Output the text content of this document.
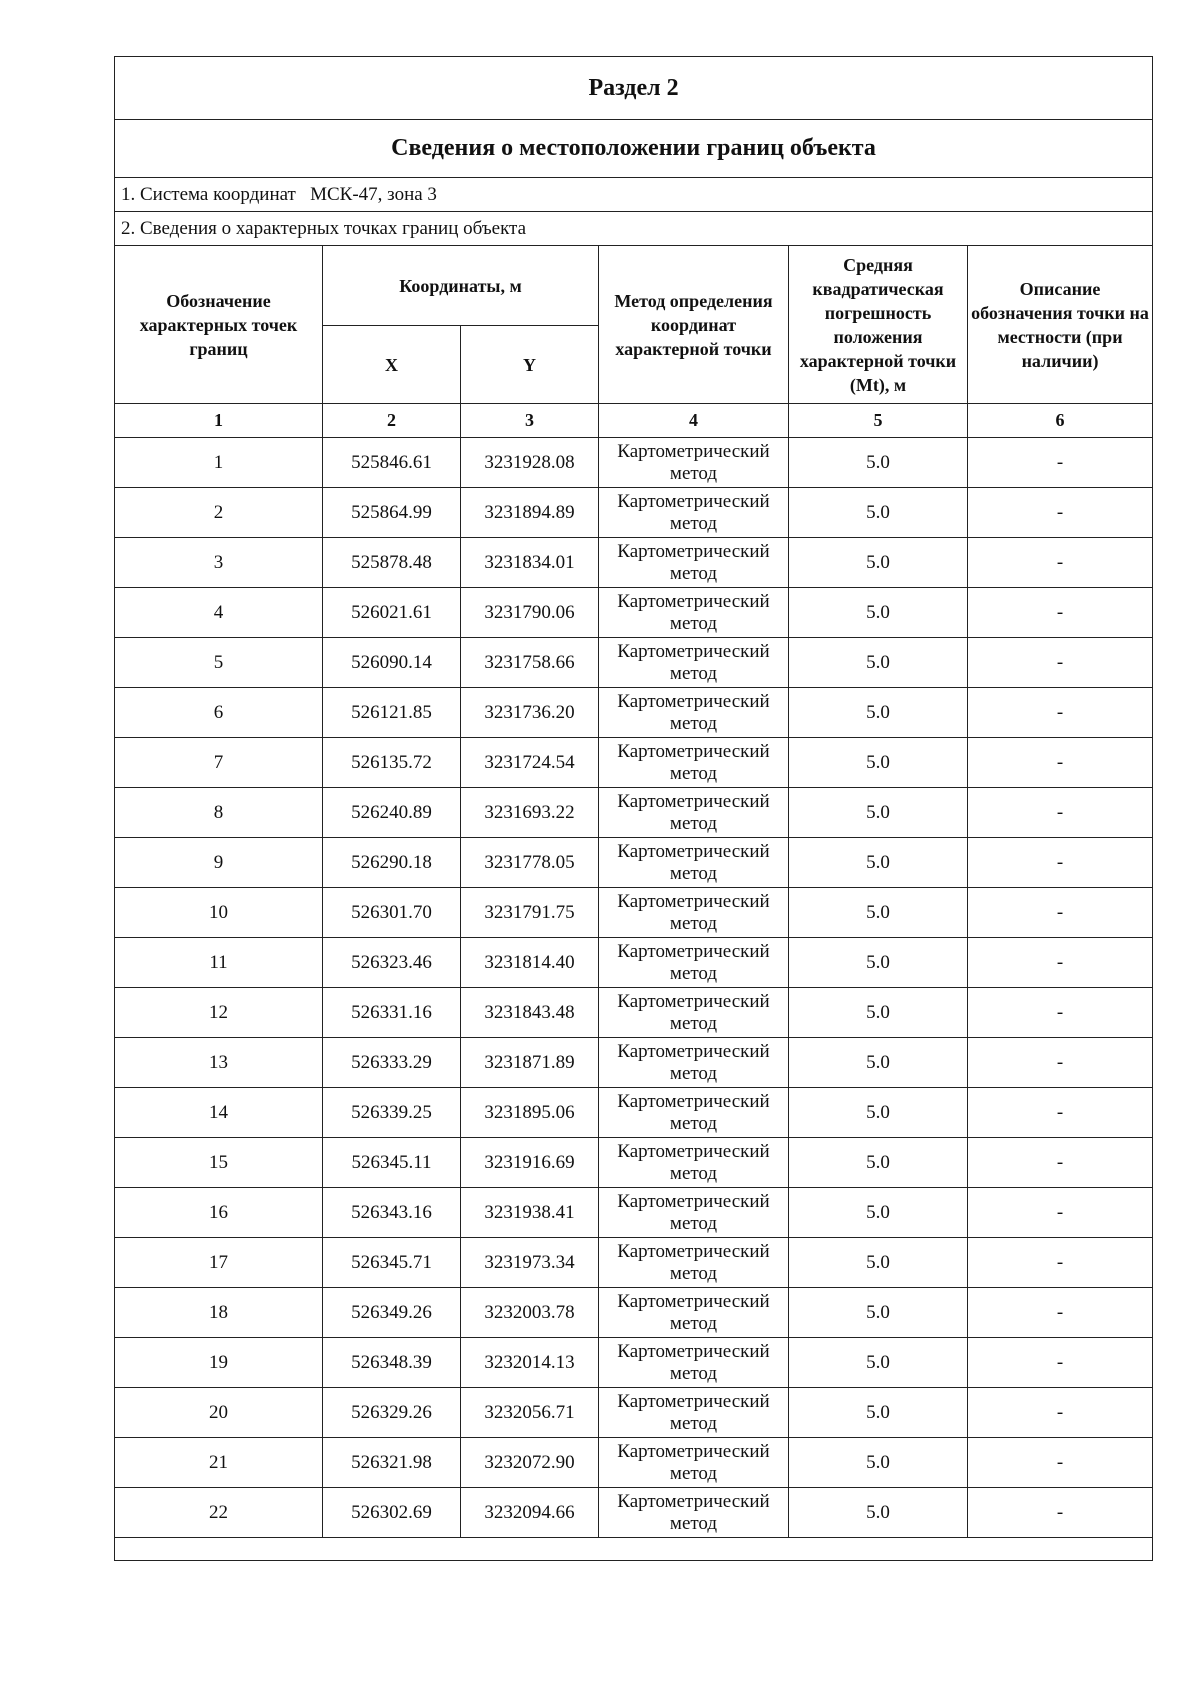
Раздел 2					
Сведения о местоположении границ объекта					
1. Система координат МСК-47, зона 3					
2. Сведения о характерных точках границ объекта					
Обозначение характерных точек границ	Координаты, м		Метод определения координат характерной точки	Средняя квадратическая погрешность положения характерной точки (Mt), м	Описание обозначения точки на местности (при наличии)
	X	Y			
1	2	3	4	5	6
1	525846.61	3231928.08	Картометрический метод	5.0	-
2	525864.99	3231894.89	Картометрический метод	5.0	-
3	525878.48	3231834.01	Картометрический метод	5.0	-
4	526021.61	3231790.06	Картометрический метод	5.0	-
5	526090.14	3231758.66	Картометрический метод	5.0	-
6	526121.85	3231736.20	Картометрический метод	5.0	-
7	526135.72	3231724.54	Картометрический метод	5.0	-
8	526240.89	3231693.22	Картометрический метод	5.0	-
9	526290.18	3231778.05	Картометрический метод	5.0	-
10	526301.70	3231791.75	Картометрический метод	5.0	-
11	526323.46	3231814.40	Картометрический метод	5.0	-
12	526331.16	3231843.48	Картометрический метод	5.0	-
13	526333.29	3231871.89	Картометрический метод	5.0	-
14	526339.25	3231895.06	Картометрический метод	5.0	-
15	526345.11	3231916.69	Картометрический метод	5.0	-
16	526343.16	3231938.41	Картометрический метод	5.0	-
17	526345.71	3231973.34	Картометрический метод	5.0	-
18	526349.26	3232003.78	Картометрический метод	5.0	-
19	526348.39	3232014.13	Картометрический метод	5.0	-
20	526329.26	3232056.71	Картометрический метод	5.0	-
21	526321.98	3232072.90	Картометрический метод	5.0	-
22	526302.69	3232094.66	Картометрический метод	5.0	-
